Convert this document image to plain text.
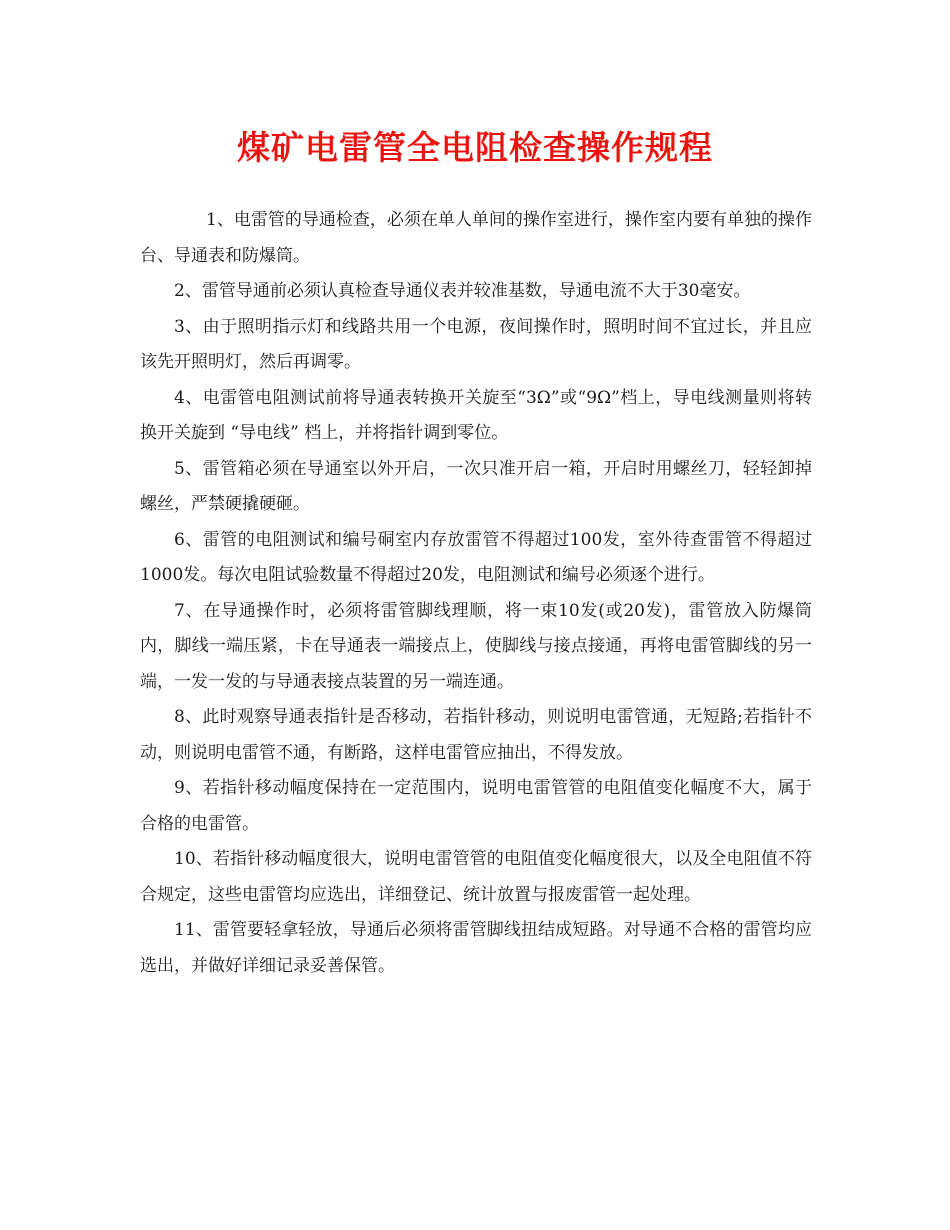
煤矿电雷管全电阻检查操作规程

1、电雷管的导通检查，必须在单人单间的操作室进行，操作室内要有单独的操作台、导通表和防爆筒。

2、雷管导通前必须认真检查导通仪表并较准基数，导通电流不大于30毫安。

3、由于照明指示灯和线路共用一个电源，夜间操作时，照明时间不宜过长，并且应该先开照明灯，然后再调零。

4、电雷管电阻测试前将导通表转换开关旋至“3Ω”或“9Ω”档上，导电线测量则将转换开关旋到 “导电线” 档上，并将指针调到零位。

5、雷管箱必须在导通室以外开启，一次只准开启一箱，开启时用螺丝刀，轻轻卸掉螺丝，严禁硬撬硬砸。

6、雷管的电阻测试和编号硐室内存放雷管不得超过100发，室外待查雷管不得超过1000发。每次电阻试验数量不得超过20发，电阻测试和编号必须逐个进行。

7、在导通操作时，必须将雷管脚线理顺，将一束10发(或20发)，雷管放入防爆筒内，脚线一端压紧，卡在导通表一端接点上，使脚线与接点接通，再将电雷管脚线的另一端，一发一发的与导通表接点装置的另一端连通。

8、此时观察导通表指针是否移动，若指针移动，则说明电雷管通，无短路;若指针不动，则说明电雷管不通，有断路，这样电雷管应抽出，不得发放。

9、若指针移动幅度保持在一定范围内，说明电雷管管的电阻值变化幅度不大，属于合格的电雷管。

10、若指针移动幅度很大，说明电雷管管的电阻值变化幅度很大，以及全电阻值不符合规定，这些电雷管均应选出，详细登记、统计放置与报废雷管一起处理。

11、雷管要轻拿轻放，导通后必须将雷管脚线扭结成短路。对导通不合格的雷管均应选出，并做好详细记录妥善保管。
